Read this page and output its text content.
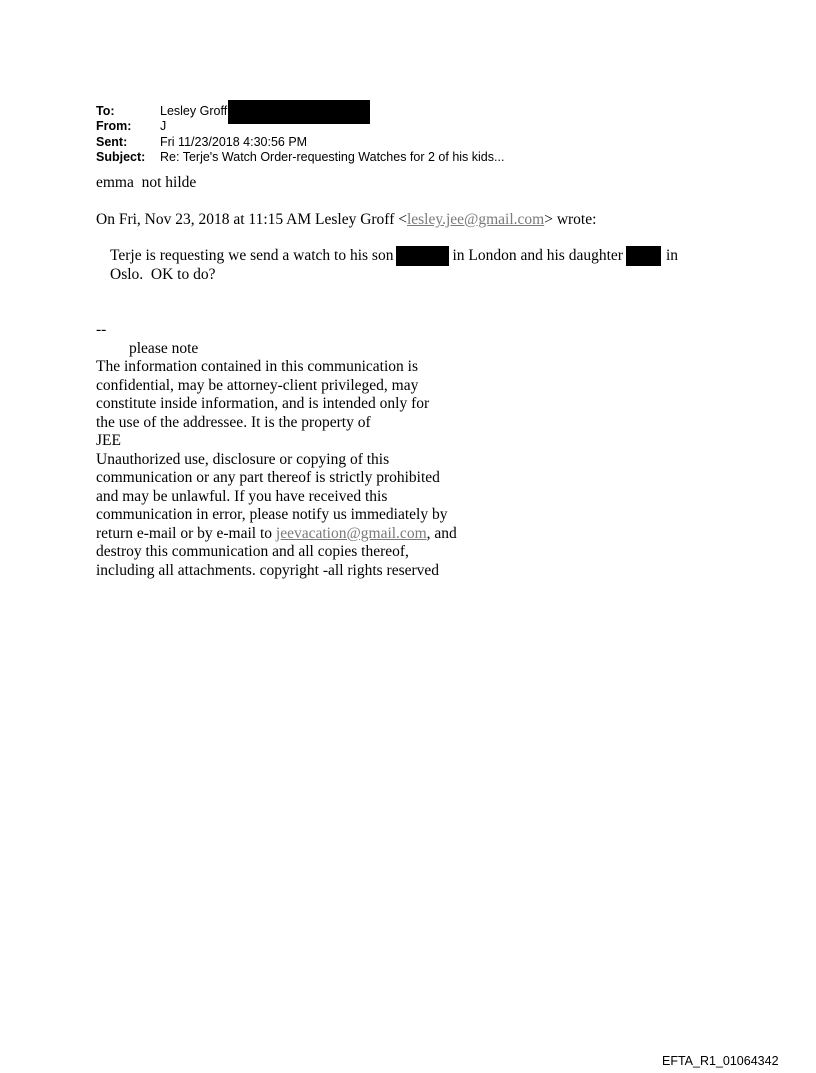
To:	Lesley Groff
From:	J
Sent:	Fri 11/23/2018 4:30:56 PM
Subject:	Re: Terje's Watch Order-requesting Watches for 2 of his kids...
emma  not hilde
On Fri, Nov 23, 2018 at 11:15 AM Lesley Groff <lesley.jee@gmail.com> wrote:
Terje is requesting we send a watch to his son	in London and his daughter	in
Oslo.  OK to do?
--
please note
The information contained in this communication is
confidential, may be attorney-client privileged, may
constitute inside information, and is intended only for
the use of the addressee. It is the property of
JEE
Unauthorized use, disclosure or copying of this
communication or any part thereof is strictly prohibited
and may be unlawful. If you have received this
communication in error, please notify us immediately by
return e-mail or by e-mail to jeevacation@gmail.com, and
destroy this communication and all copies thereof,
including all attachments. copyright -all rights reserved
EFTA_R1_01064342
